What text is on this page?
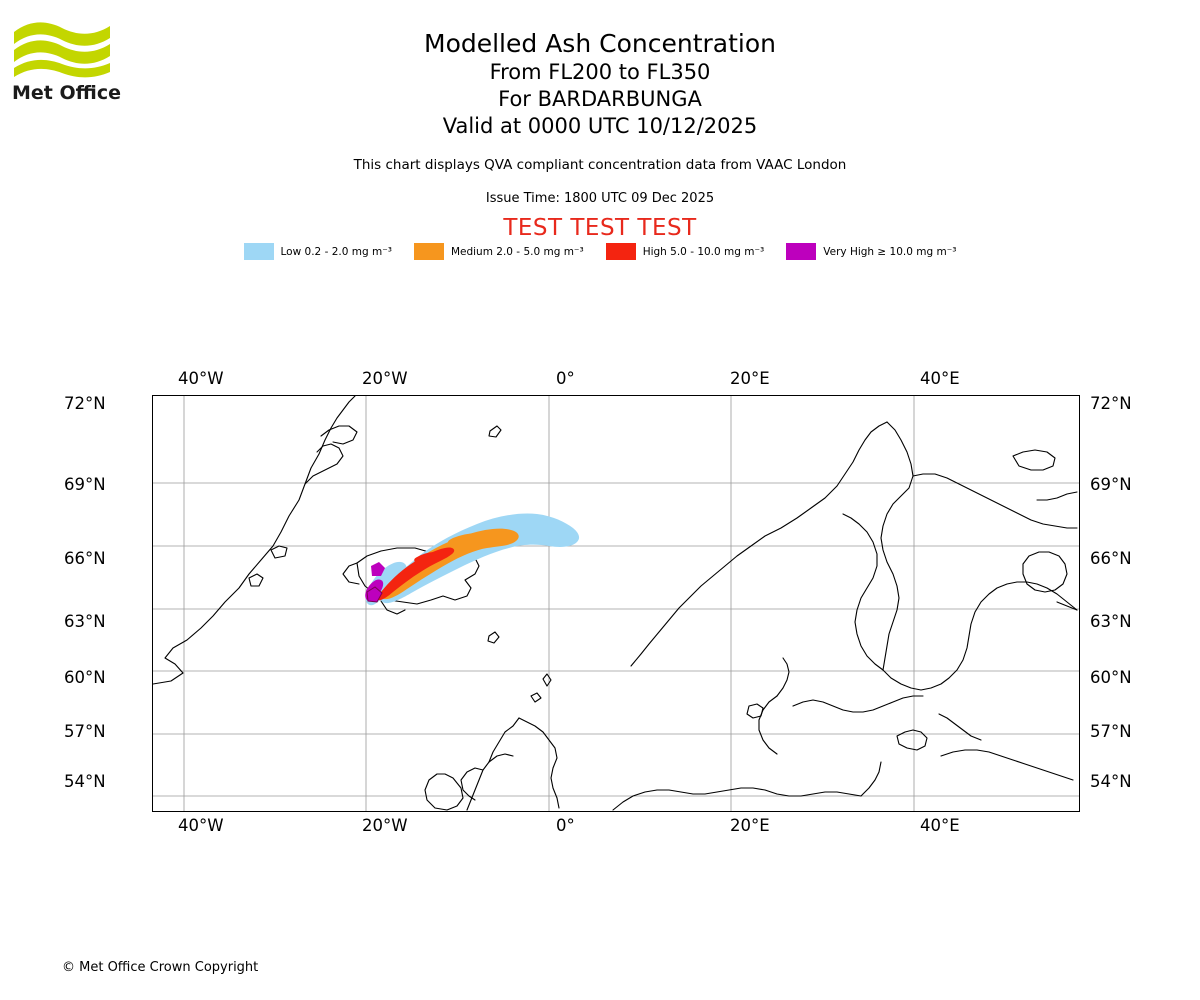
Met Office
Modelled Ash Concentration
From FL200 to FL350
For BARDARBUNGA
Valid at 0000 UTC 10/12/2025
This chart displays QVA compliant concentration data from VAAC London
Issue Time: 1800 UTC 09 Dec 2025
TEST TEST TEST
Low 0.2 - 2.0 mg m⁻³	Medium 2.0 - 5.0 mg m⁻³	High 5.0 - 10.0 mg m⁻³	Very High ≥ 10.0 mg m⁻³
40°W	20°W	0°	20°E	40°E
40°W	20°W	0°	20°E	40°E
72°N
69°N
66°N
63°N
60°N
57°N
54°N
72°N
69°N
66°N
63°N
60°N
57°N
54°N
© Met Office Crown Copyright
